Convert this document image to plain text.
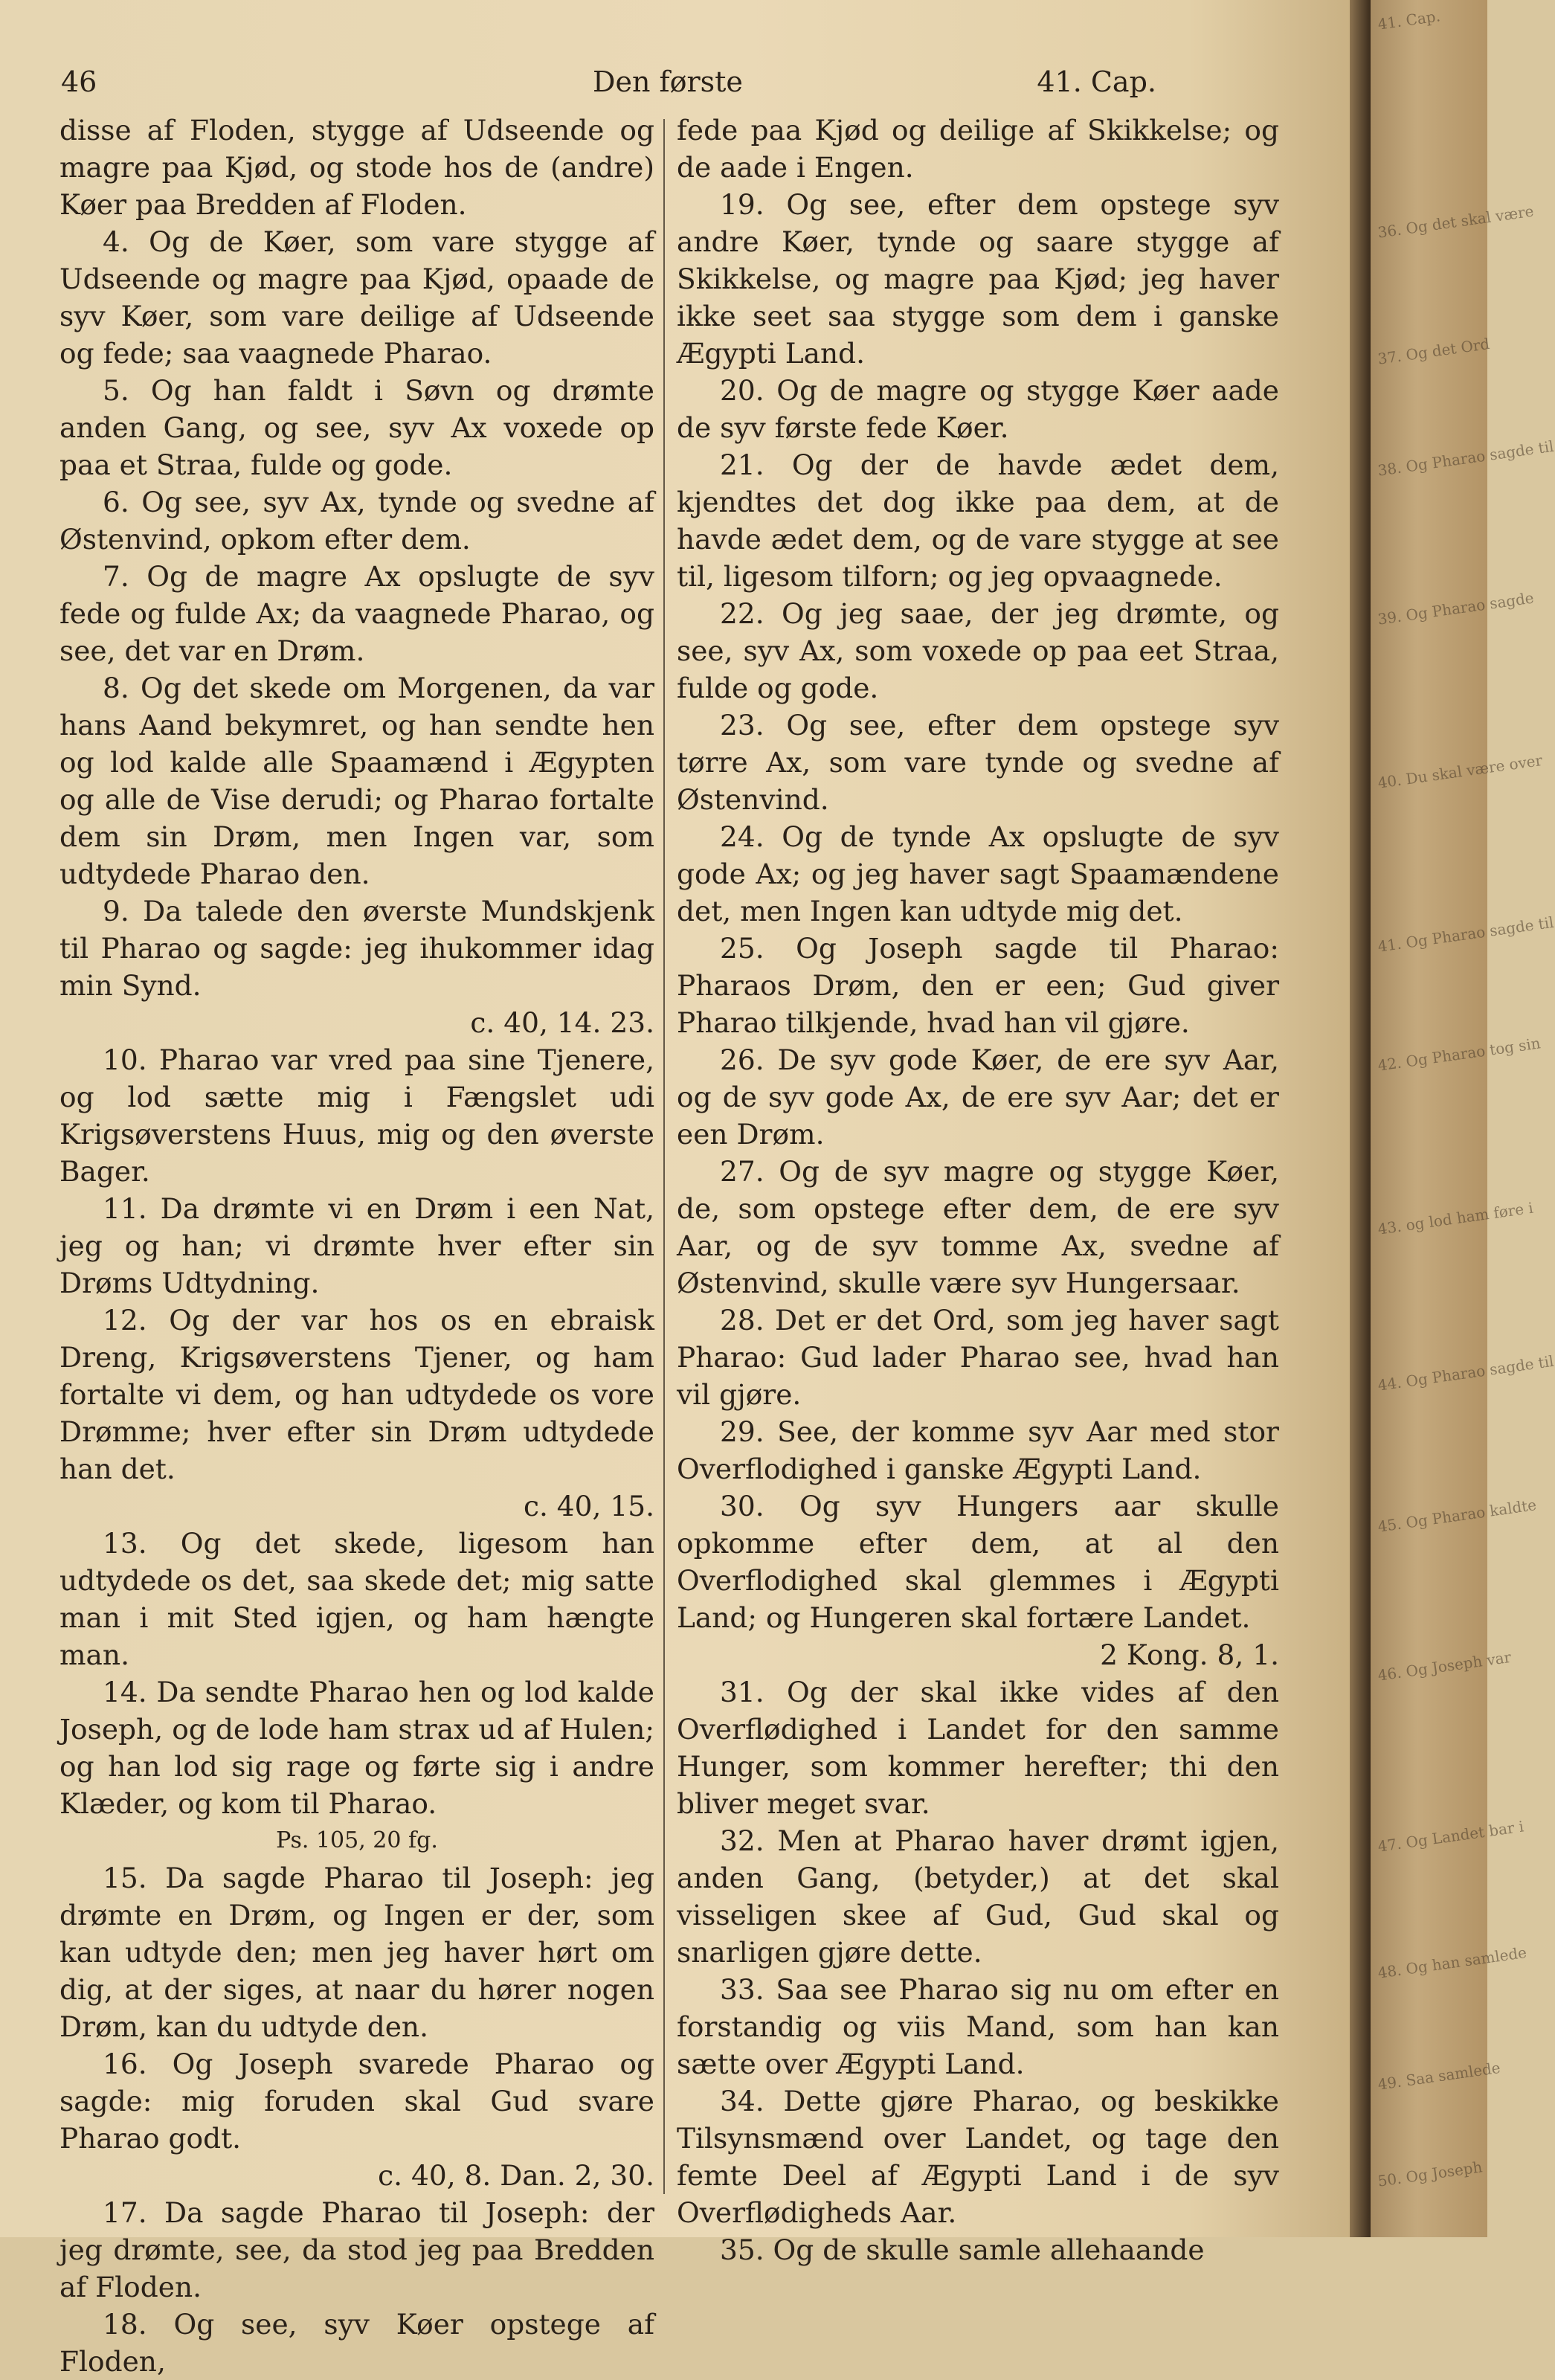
46	Den første	41. Cap.

disse af Floden, stygge af Udseende og magre paa Kjød, og stode hos de (andre) Køer paa Bredden af Floden.

4. Og de Køer, som vare stygge af Udseende og magre paa Kjød, opaade de syv Køer, som vare deilige af Udseende og fede; saa vaagnede Pharao.

5. Og han faldt i Søvn og drømte anden Gang, og see, syv Ax voxede op paa et Straa, fulde og gode.

6. Og see, syv Ax, tynde og svedne af Østenvind, opkom efter dem.

7. Og de magre Ax opslugte de syv fede og fulde Ax; da vaagnede Pharao, og see, det var en Drøm.

8. Og det skede om Morgenen, da var hans Aand bekymret, og han sendte hen og lod kalde alle Spaamænd i Ægypten og alle de Vise derudi; og Pharao fortalte dem sin Drøm, men Ingen var, som udtydede Pharao den.

9. Da talede den øverste Mundskjenk til Pharao og sagde: jeg ihukommer idag min Synd.

c. 40, 14. 23.

10. Pharao var vred paa sine Tjenere, og lod sætte mig i Fængslet udi Krigsøverstens Huus, mig og den øverste Bager.

11. Da drømte vi en Drøm i een Nat, jeg og han; vi drømte hver efter sin Drøms Udtydning.

12. Og der var hos os en ebraisk Dreng, Krigsøverstens Tjener, og ham fortalte vi dem, og han udtydede os vore Drømme; hver efter sin Drøm udtydede han det.

c. 40, 15.

13. Og det skede, ligesom han udtydede os det, saa skede det; mig satte man i mit Sted igjen, og ham hængte man.

14. Da sendte Pharao hen og lod kalde Joseph, og de lode ham strax ud af Hulen; og han lod sig rage og førte sig i andre Klæder, og kom til Pharao.

Ps. 105, 20 fg.

15. Da sagde Pharao til Joseph: jeg drømte en Drøm, og Ingen er der, som kan udtyde den; men jeg haver hørt om dig, at der siges, at naar du hører nogen Drøm, kan du udtyde den.

16. Og Joseph svarede Pharao og sagde: mig foruden skal Gud svare Pharao godt.

c. 40, 8. Dan. 2, 30.

17. Da sagde Pharao til Joseph: der jeg drømte, see, da stod jeg paa Bredden af Floden.

18. Og see, syv Køer opstege af Floden,

fede paa Kjød og deilige af Skikkelse; og de aade i Engen.

19. Og see, efter dem opstege syv andre Køer, tynde og saare stygge af Skikkelse, og magre paa Kjød; jeg haver ikke seet saa stygge som dem i ganske Ægypti Land.

20. Og de magre og stygge Køer aade de syv første fede Køer.

21. Og der de havde ædet dem, kjendtes det dog ikke paa dem, at de havde ædet dem, og de vare stygge at see til, ligesom tilforn; og jeg opvaagnede.

22. Og jeg saae, der jeg drømte, og see, syv Ax, som voxede op paa eet Straa, fulde og gode.

23. Og see, efter dem opstege syv tørre Ax, som vare tynde og svedne af Østenvind.

24. Og de tynde Ax opslugte de syv gode Ax; og jeg haver sagt Spaamændene det, men Ingen kan udtyde mig det.

25. Og Joseph sagde til Pharao: Pharaos Drøm, den er een; Gud giver Pharao tilkjende, hvad han vil gjøre.

26. De syv gode Køer, de ere syv Aar, og de syv gode Ax, de ere syv Aar; det er een Drøm.

27. Og de syv magre og stygge Køer, de, som opstege efter dem, de ere syv Aar, og de syv tomme Ax, svedne af Østenvind, skulle være syv Hungersaar.

28. Det er det Ord, som jeg haver sagt Pharao: Gud lader Pharao see, hvad han vil gjøre.

29. See, der komme syv Aar med stor Overflodighed i ganske Ægypti Land.

30. Og syv Hungers aar skulle opkomme efter dem, at al den Overflodighed skal glemmes i Ægypti Land; og Hungeren skal fortære Landet.

2 Kong. 8, 1.

31. Og der skal ikke vides af den Overflødighed i Landet for den samme Hunger, som kommer herefter; thi den bliver meget svar.

32. Men at Pharao haver drømt igjen, anden Gang, (betyder,) at det skal visseligen skee af Gud, Gud skal og snarligen gjøre dette.

33. Saa see Pharao sig nu om efter en forstandig og viis Mand, som han kan sætte over Ægypti Land.

34. Dette gjøre Pharao, og beskikke Tilsynsmænd over Landet, og tage den femte Deel af Ægypti Land i de syv Overflødigheds Aar.

35. Og de skulle samle allehaande

41. Cap.
36. Og det skal være
37. Og det Ord
38. Og Pharao sagde til
39. Og Pharao sagde
40. Du skal være over
41. Og Pharao sagde til
42. Og Pharao tog sin
43. og lod ham føre i
44. Og Pharao sagde til
45. Og Pharao kaldte
46. Og Joseph var
47. Og Landet bar i
48. Og han samlede
49. Saa samlede
50. Og Joseph
